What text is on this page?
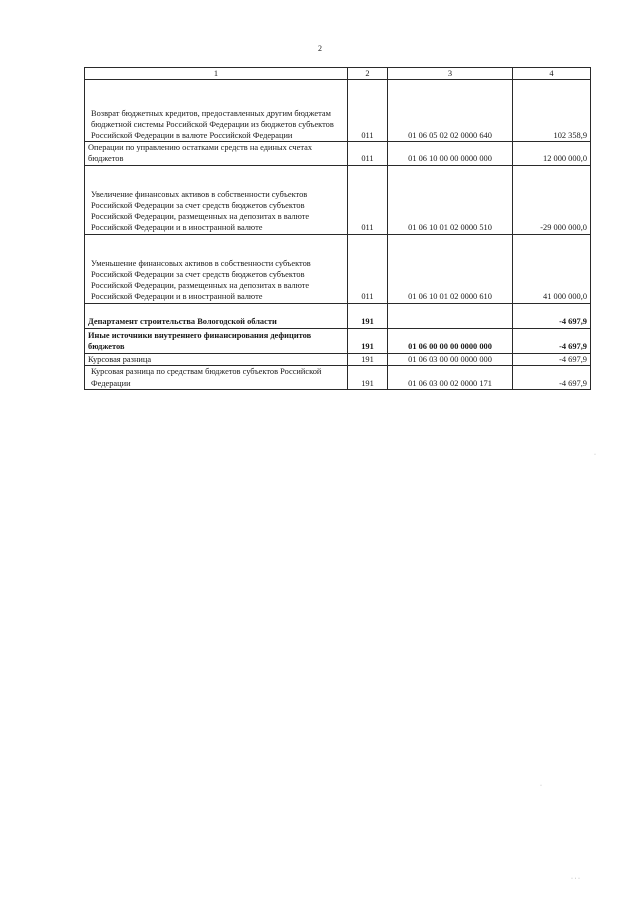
2
1	2	3	4
Возврат бюджетных кредитов, предоставленных другим бюджетам бюджетной системы Российской Федерации из бюджетов субъектов Российской Федерации в валюте Российской Федерации	011	01 06 05 02 02 0000 640	102 358,9
Операции по управлению остатками средств на единых счетах бюджетов	011	01 06 10 00 00 0000 000	12 000 000,0
Увеличение финансовых активов в собственности субъектов Российской Федерации за счет средств бюджетов субъектов Российской Федерации, размещенных на депозитах в валюте Российской Федерации и в иностранной валюте	011	01 06 10 01 02 0000 510	-29 000 000,0
Уменьшение финансовых активов в собственности субъектов Российской Федерации за счет средств бюджетов субъектов Российской Федерации, размещенных на депозитах в валюте Российской Федерации и в иностранной валюте	011	01 06 10 01 02 0000 610	41 000 000,0
Департамент строительства Вологодской области	191		-4 697,9
Иные источники внутреннего финансирования дефицитов бюджетов	191	01 06 00 00 00 0000 000	-4 697,9
Курсовая разница	191	01 06 03 00 00 0000 000	-4 697,9
Курсовая разница по средствам бюджетов субъектов Российской Федерации	191	01 06 03 00 02 0000 171	-4 697,9
·
·
· · ·
